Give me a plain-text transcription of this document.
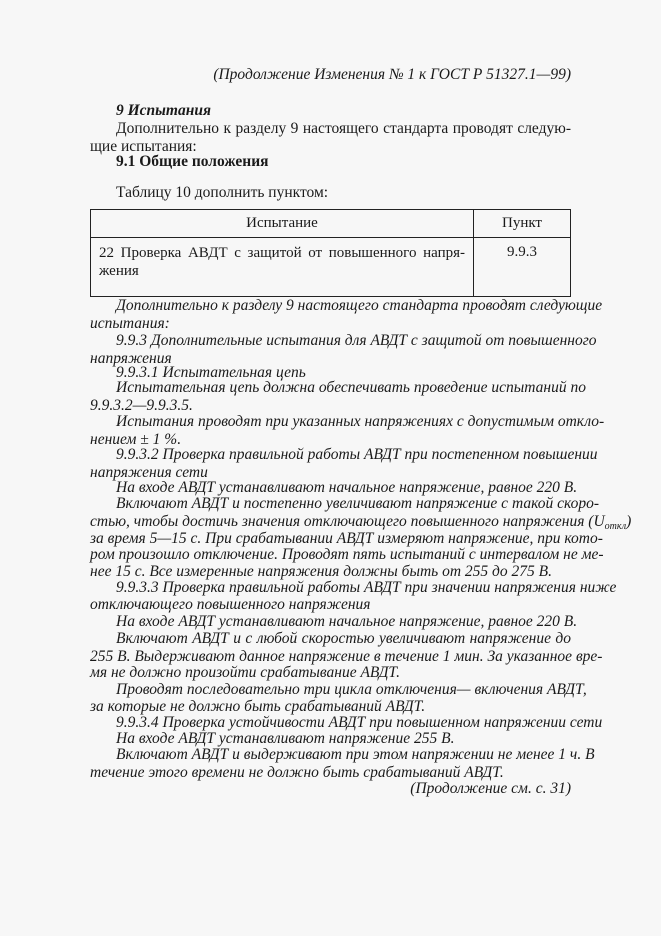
(Продолжение Изменения № 1 к ГОСТ Р 51327.1—99)
9 Испытания
Дополнительно к разделу 9 настоящего стандарта проводят следую-
щие испытания:
9.1 Общие положения
Таблицу 10 дополнить пунктом:
Испытание	Пункт

22 Проверка АВДТ с защитой от повышенного напря-
жения	9.9.3
Дополнительно к разделу 9 настоящего стандарта проводят следующие
испытания:
9.9.3 Дополнительные испытания для АВДТ с защитой от повышенного
напряжения
9.9.3.1 Испытательная цепь
Испытательная цепь должна обеспечивать проведение испытаний по
9.9.3.2—9.9.3.5.
Испытания проводят при указанных напряжениях с допустимым откло-
нением ± 1 %.
9.9.3.2 Проверка правильной работы АВДТ при постепенном повышении
напряжения сети
На входе АВДТ устанавливают начальное напряжение, равное 220 В.
Включают АВДТ и постепенно увеличивают напряжение с такой скоро-
стью, чтобы достичь значения отключающего повышенного напряжения $(U_{откл})$
за время 5—15 с. При срабатывании АВДТ измеряют напряжение, при кото-
ром произошло отключение. Проводят пять испытаний с интервалом не ме-
нее 15 с. Все измеренные напряжения должны быть от 255 до 275 В.
9.9.3.3 Проверка правильной работы АВДТ при значении напряжения ниже
отключающего повышенного напряжения
На входе АВДТ устанавливают начальное напряжение, равное 220 В.
Включают АВДТ и с любой скоростью увеличивают напряжение до
255 В. Выдерживают данное напряжение в течение 1 мин. За указанное вре-
мя не должно произойти срабатывание АВДТ.
Проводят последовательно три цикла отключения— включения АВДТ,
за которые не должно быть срабатываний АВДТ.
9.9.3.4 Проверка устойчивости АВДТ при повышенном напряжении сети
На входе АВДТ устанавливают напряжение 255 В.
Включают АВДТ и выдерживают при этом напряжении не менее 1 ч. В
течение этого времени не должно быть срабатываний АВДТ.
(Продолжение см. с. 31)
